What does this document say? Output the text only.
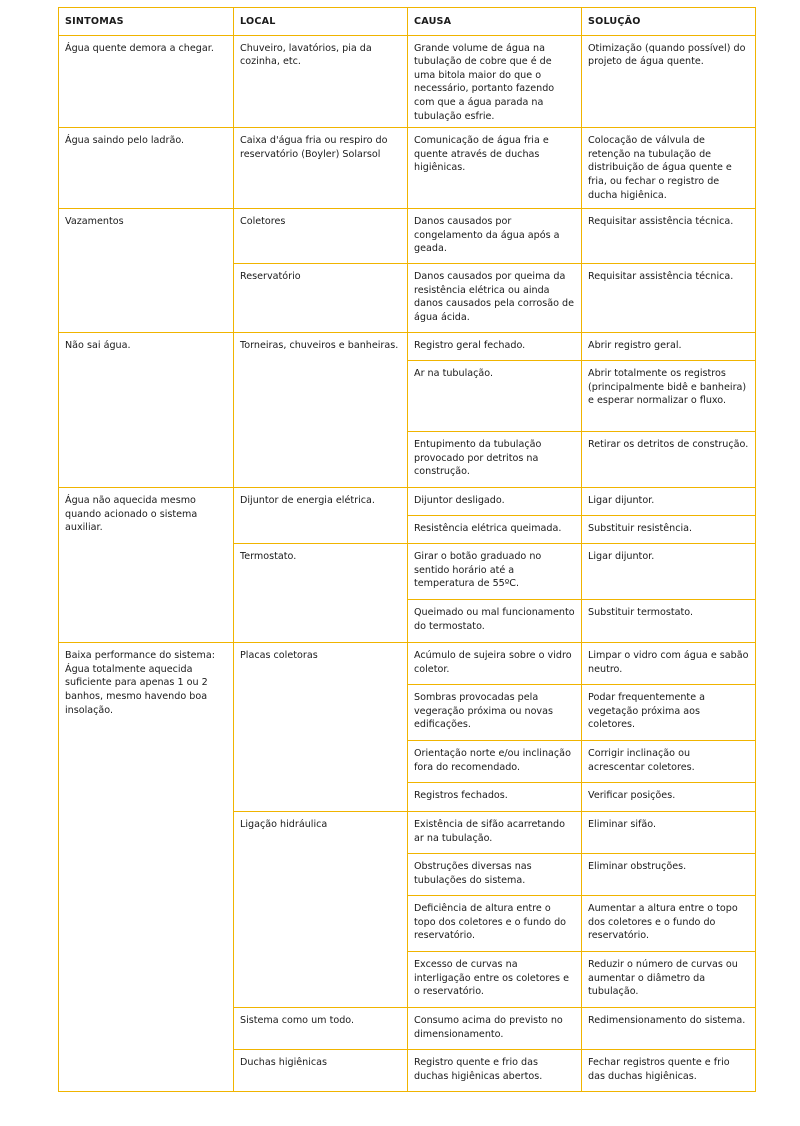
SINTOMAS	LOCAL	CAUSA	SOLUÇÃO
Água quente demora a chegar.	Chuveiro, lavatórios, pia da cozinha, etc.	Grande volume de água na tubulação de cobre que é de uma bitola maior do que o necessário, portanto fazendo com que a água parada na tubulação esfrie.	Otimização (quando possível) do projeto de água quente.
Água saindo pelo ladrão.	Caixa d'água fria ou respiro do reservatório (Boyler) Solarsol	Comunicação de água fria e quente através de duchas higiênicas.	Colocação de válvula de retenção na tubulação de distribuição de água quente e fria, ou fechar o registro de ducha higiênica.
Vazamentos	Coletores	Danos causados por congelamento da água após a geada.	Requisitar assistência técnica.
	Reservatório	Danos causados por queima da resistência elétrica ou ainda danos causados pela corrosão de água ácida.	Requisitar assistência técnica.
Não sai água.	Torneiras, chuveiros e banheiras.	Registro geral fechado.	Abrir registro geral.
		Ar na tubulação.	Abrir totalmente os registros (principalmente bidê e banheira) e esperar normalizar o fluxo.
		Entupimento da tubulação provocado por detritos na construção.	Retirar os detritos de construção.
Água não aquecida mesmo quando acionado o sistema auxiliar.	Dijuntor de energia elétrica.	Dijuntor desligado.	Ligar dijuntor.
		Resistência elétrica queimada.	Substituir resistência.
	Termostato.	Girar o botão graduado no sentido horário até a temperatura de 55ºC.	Ligar dijuntor.
		Queimado ou mal funcionamento do termostato.	Substituir termostato.
Baixa performance do sistema: Água totalmente aquecida suficiente para apenas 1 ou 2 banhos, mesmo havendo boa insolação.	Placas coletoras	Acúmulo de sujeira sobre o vidro coletor.	Limpar o vidro com água e sabão neutro.
		Sombras provocadas pela vegeração próxima ou novas edificações.	Podar frequentemente a vegetação próxima aos coletores.
		Orientação norte e/ou inclinação fora do recomendado.	Corrigir inclinação ou acrescentar coletores.
		Registros fechados.	Verificar posições.
	Ligação hidráulica	Existência de sifão acarretando ar na tubulação.	Eliminar sifão.
		Obstruções diversas nas tubulações do sistema.	Eliminar obstruções.
		Deficiência de altura entre o topo dos coletores e o fundo do reservatório.	Aumentar a altura entre o topo dos coletores e o fundo do reservatório.
		Excesso de curvas na interligação entre os coletores e o reservatório.	Reduzir o número de curvas ou aumentar o diâmetro da tubulação.
	Sistema como um todo.	Consumo acima do previsto no dimensionamento.	Redimensionamento do sistema.
	Duchas higiênicas	Registro quente e frio das duchas higiênicas abertos.	Fechar registros quente e frio das duchas higiênicas.
